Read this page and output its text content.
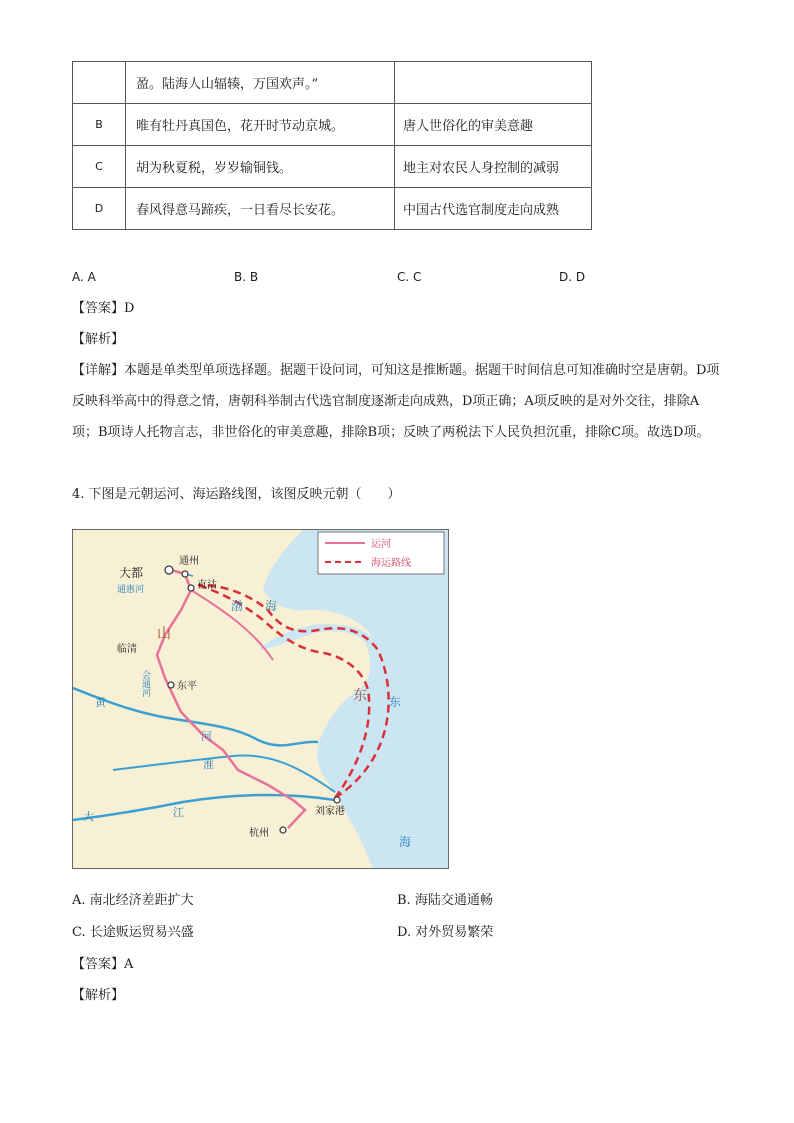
	盈。陆海人山辐辏，万国欢声。”	
B	唯有牡丹真国色，花开时节动京城。	唐人世俗化的审美意趣
C	胡为秋夏税，岁岁输铜钱。	地主对农民人身控制的减弱
D	春风得意马蹄疾，一日看尽长安花。	中国古代选官制度走向成熟
A. A	B. B	C. C	D. D
【答案】D
【解析】
【详解】本题是单类型单项选择题。据题干设问词，可知这是推断题。据题干时间信息可知准确时空是唐朝。D项反映科举高中的得意之情，唐朝科举制古代选官制度逐渐走向成熟，D项正确；A项反映的是对外交往，排除A项；B项诗人托物言志，非世俗化的审美意趣，排除B项；反映了两税法下人民负担沉重，排除C项。故选D项。
4. 下图是元朝运河、海运路线图，该图反映元朝（　　）
运河
海运路线
大都
通州
直沽
通惠河
临清
会通河	东平
渤 海
山
东 东
黄
河
淮
大	江	刘家港
杭州
海
A. 南北经济差距扩大	B. 海陆交通通畅
C. 长途贩运贸易兴盛	D. 对外贸易繁荣
【答案】A
【解析】
